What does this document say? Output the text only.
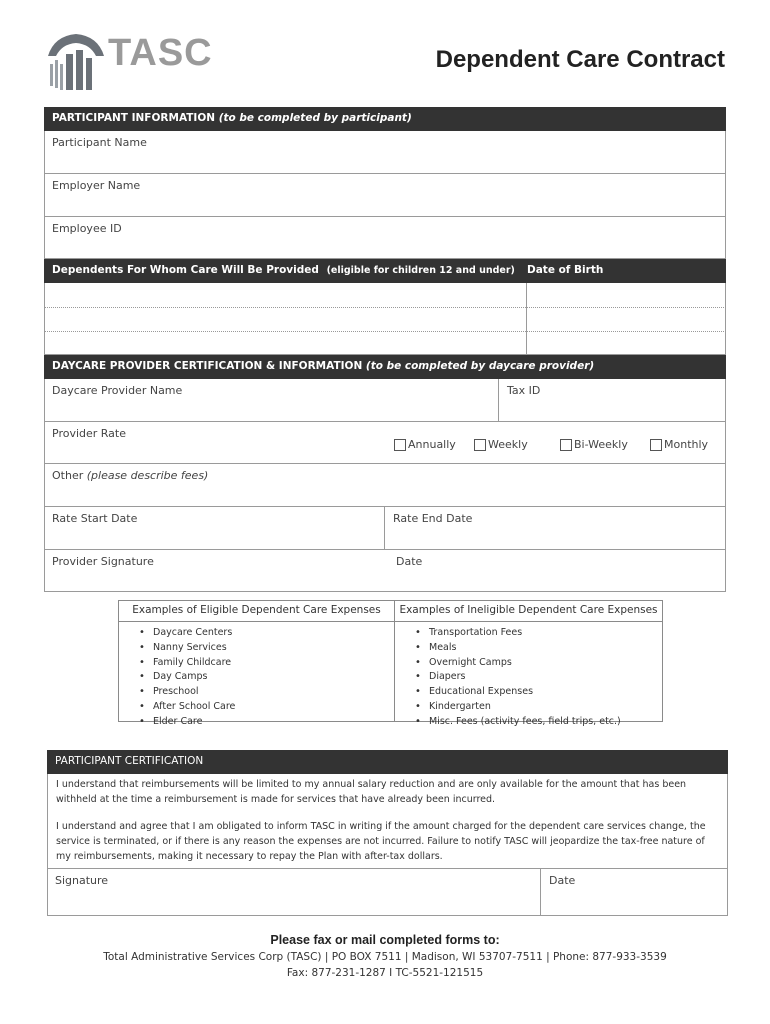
TASC	Dependent Care Contract
PARTICIPANT INFORMATION (to be completed by participant)
Participant Name
Employer Name
Employee ID
Dependents For Whom Care Will Be Provided (eligible for children 12 and under) Date of Birth
DAYCARE PROVIDER CERTIFICATION & INFORMATION (to be completed by daycare provider)
Daycare Provider Name	Tax ID
Provider Rate
Annually	Weekly	Bi-Weekly	Monthly
Other (please describe fees)
Rate Start Date	Rate End Date
Provider Signature	Date
Examples of Eligible Dependent Care Expenses
• Daycare Centers
• Nanny Services
• Family Childcare
• Day Camps
• Preschool
• After School Care
• Elder Care
Examples of Ineligible Dependent Care Expenses
• Transportation Fees
• Meals
• Overnight Camps
• Diapers
• Educational Expenses
• Kindergarten
• Misc. Fees (activity fees, field trips, etc.)
PARTICIPANT CERTIFICATION
I understand that reimbursements will be limited to my annual salary reduction and are only available for the amount that has been withheld at the time a reimbursement is made for services that have already been incurred.
I understand and agree that I am obligated to inform TASC in writing if the amount charged for the dependent care services change, the service is terminated, or if there is any reason the expenses are not incurred. Failure to notify TASC will jeopardize the tax-free nature of my reimbursements, making it necessary to repay the Plan with after-tax dollars.
Signature	Date
Please fax or mail completed forms to:
Total Administrative Services Corp (TASC) | PO BOX 7511 | Madison, WI 53707-7511 | Phone: 877-933-3539
Fax: 877-231-1287 I TC-5521-121515
